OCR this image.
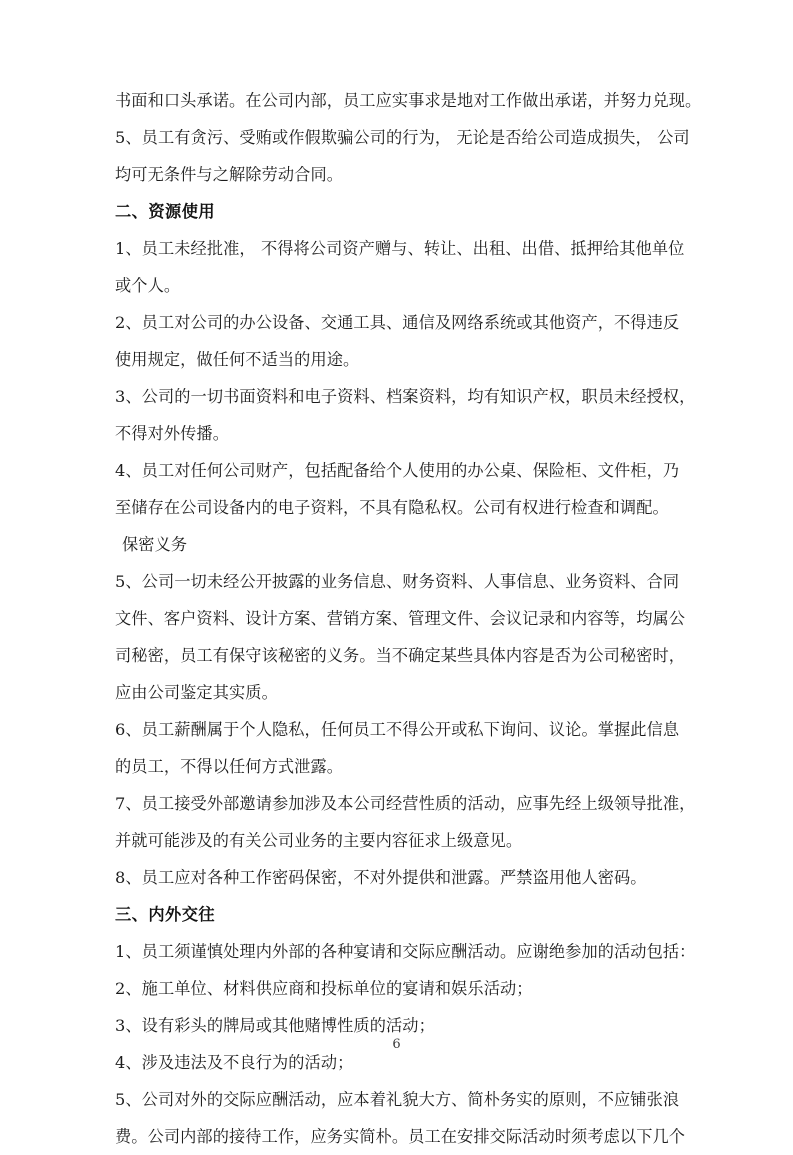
书面和口头承诺。在公司内部，员工应实事求是地对工作做出承诺，并努力兑现。
5、员工有贪污、受贿或作假欺骗公司的行为， 无论是否给公司造成损失， 公司
均可无条件与之解除劳动合同。
二、资源使用
1、员工未经批准， 不得将公司资产赠与、转让、出租、出借、抵押给其他单位
或个人。
2、员工对公司的办公设备、交通工具、通信及网络系统或其他资产，不得违反
使用规定，做任何不适当的用途。
3、公司的一切书面资料和电子资料、档案资料，均有知识产权，职员未经授权，
不得对外传播。
4、员工对任何公司财产，包括配备给个人使用的办公桌、保险柜、文件柜，乃
至储存在公司设备内的电子资料，不具有隐私权。公司有权进行检查和调配。
保密义务
5、公司一切未经公开披露的业务信息、财务资料、人事信息、业务资料、合同
文件、客户资料、设计方案、营销方案、管理文件、会议记录和内容等，均属公
司秘密，员工有保守该秘密的义务。当不确定某些具体内容是否为公司秘密时，
应由公司鉴定其实质。
6、员工薪酬属于个人隐私，任何员工不得公开或私下询问、议论。掌握此信息
的员工，不得以任何方式泄露。
7、员工接受外部邀请参加涉及本公司经营性质的活动，应事先经上级领导批准，
并就可能涉及的有关公司业务的主要内容征求上级意见。
8、员工应对各种工作密码保密，不对外提供和泄露。严禁盗用他人密码。
三、内外交往
1、员工须谨慎处理内外部的各种宴请和交际应酬活动。应谢绝参加的活动包括：
2、施工单位、材料供应商和投标单位的宴请和娱乐活动；
3、设有彩头的牌局或其他赌博性质的活动；
4、涉及违法及不良行为的活动；
5、公司对外的交际应酬活动，应本着礼貌大方、简朴务实的原则，不应铺张浪
费。公司内部的接待工作，应务实简朴。员工在安排交际活动时须考虑以下几个
6
